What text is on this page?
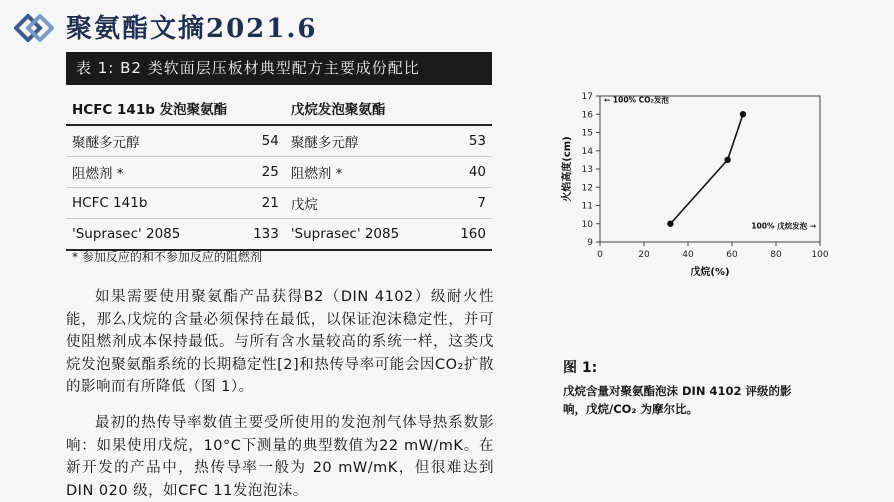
聚氨酯文摘2021.6
表 1: B2 类软面层压板材典型配方主要成份配比
HCFC 141b 发泡聚氨酯		戊烷发泡聚氨酯	
聚醚多元醇	54	聚醚多元醇	53
阻燃剂 *	25	阻燃剂 *	40
HCFC 141b	21	戊烷	7
'Suprasec' 2085	133	'Suprasec' 2085	160
* 参加反应的和不参加反应的阻燃剂
如果需要使用聚氨酯产品获得B2（DIN 4102）级耐火性能，那么戊烷的含量必须保持在最低，以保证泡沫稳定性，并可使阻燃剂成本保持最低。与所有含水量较高的系统一样，这类戊烷发泡聚氨酯系统的长期稳定性[2]和热传导率可能会因CO₂扩散的影响而有所降低（图 1）。
最初的热传导率数值主要受所使用的发泡剂气体导热系数影响：如果使用戊烷，10°C下测量的典型数值为22 mW/mK。在新开发的产品中，热传导率一般为 20 mW/mK，但很难达到DIN 020 级，如CFC 11发泡泡沫。
0	20	40	60	80	100
9
10
11
12
13
14
15
16
17
戊烷(%)
火焰高度(cm)
← 100% CO₂发泡
100% 戊烷发泡 →
图 1:
戊烷含量对聚氨酯泡沫 DIN 4102 评级的影响，戊烷/CO₂ 为摩尔比。
